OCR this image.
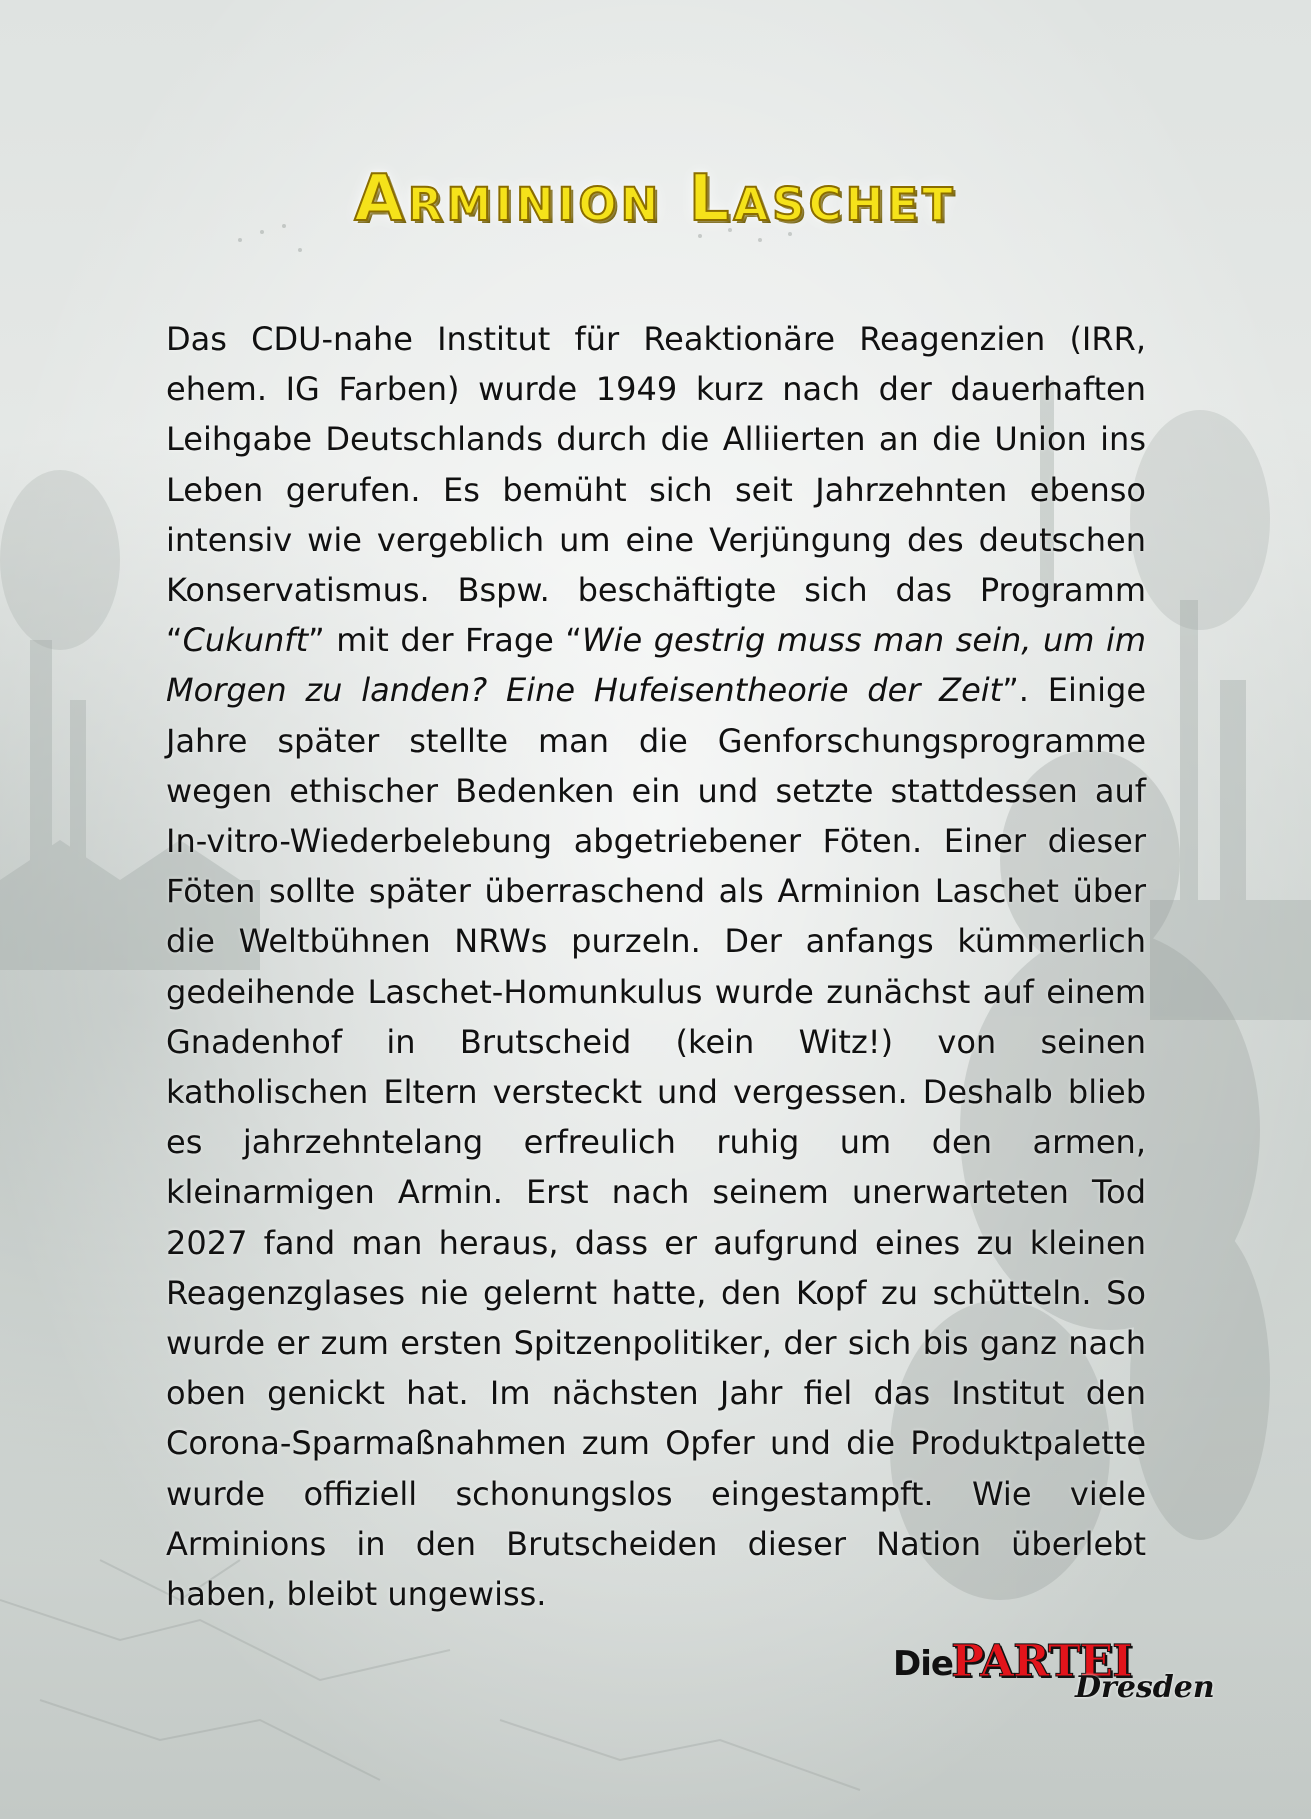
Arminion Laschet

Das CDU-nahe Institut für Reaktionäre Reagenzien (IRR, ehem. IG Farben) wurde 1949 kurz nach der dauerhaften Leihgabe Deutschlands durch die Alliierten an die Union ins Leben gerufen. Es bemüht sich seit Jahrzehnten ebenso intensiv wie vergeblich um eine Verjüngung des deutschen Konservatismus. Bspw. beschäftigte sich das Programm “Cukunft” mit der Frage “Wie gestrig muss man sein, um im Morgen zu landen? Eine Hufeisentheorie der Zeit”. Einige Jahre später stellte man die Genforschungsprogramme wegen ethischer Bedenken ein und setzte stattdessen auf In-vitro-Wiederbelebung abgetriebener Föten. Einer dieser Föten sollte später überraschend als Arminion Laschet über die Weltbühnen NRWs purzeln. Der anfangs kümmerlich gedeihende Laschet-Homunkulus wurde zunächst auf einem Gnadenhof in Brutscheid (kein Witz!) von seinen katholischen Eltern versteckt und vergessen. Deshalb blieb es jahrzehntelang erfreulich ruhig um den armen, kleinarmigen Armin. Erst nach seinem unerwarteten Tod 2027 fand man heraus, dass er aufgrund eines zu kleinen Reagenzglases nie gelernt hatte, den Kopf zu schütteln. So wurde er zum ersten Spitzenpolitiker, der sich bis ganz nach oben genickt hat. Im nächsten Jahr fiel das Institut den Corona-Sparmaßnahmen zum Opfer und die Produktpalette wurde offiziell schonungslos eingestampft. Wie viele Arminions in den Brutscheiden dieser Nation überlebt haben, bleibt ungewiss.

Die
PARTEI
Dresden
